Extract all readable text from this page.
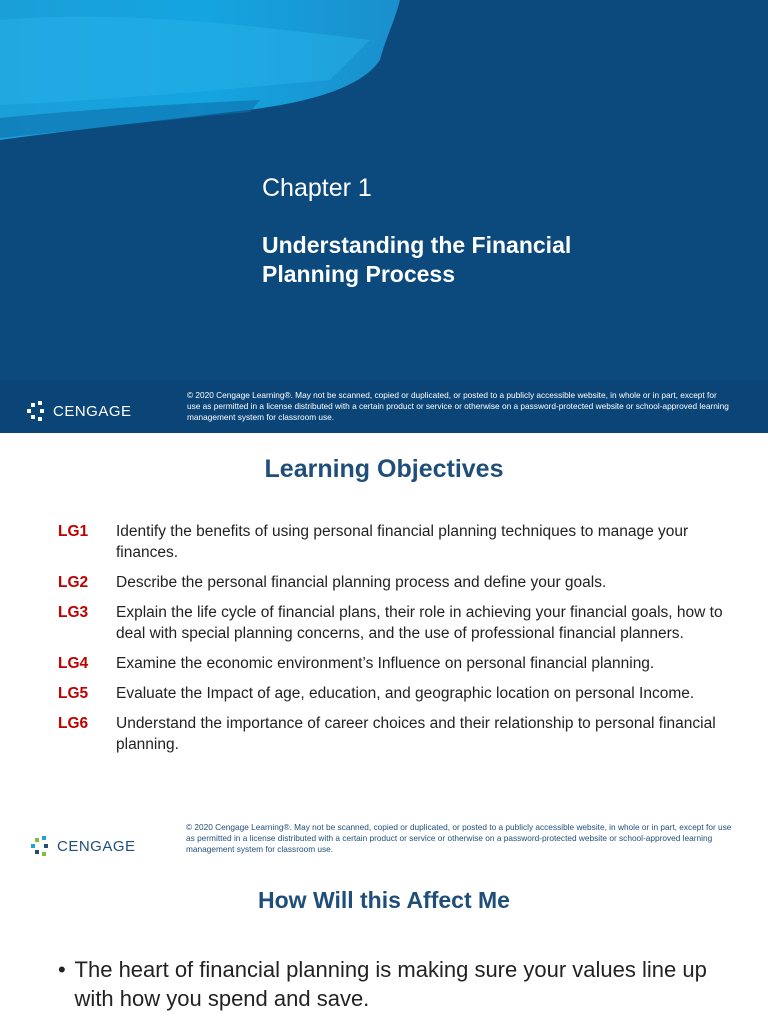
Chapter 1
Understanding the Financial
Planning Process
CENGAGE
© 2020 Cengage Learning®. May not be scanned, copied or duplicated, or posted to a publicly accessible website, in whole or in part, except for use as permitted in a license distributed with a certain product or service or otherwise on a password-protected website or school-approved learning management system for classroom use.
Learning Objectives
LG1	Identify the benefits of using personal financial planning techniques to manage your finances.
LG2	Describe the personal financial planning process and define your goals.
LG3	Explain the life cycle of financial plans, their role in achieving your financial goals, how to deal with special planning concerns, and the use of professional financial planners.
LG4	Examine the economic environment’s Influence on personal financial planning.
LG5	Evaluate the Impact of age, education, and geographic location on personal Income.
LG6	Understand the importance of career choices and their relationship to personal financial planning.
CENGAGE
© 2020 Cengage Learning®. May not be scanned, copied or duplicated, or posted to a publicly accessible website, in whole or in part, except for use as permitted in a license distributed with a certain product or service or otherwise on a password-protected website or school-approved learning management system for classroom use.
How Will this Affect Me
• The heart of financial planning is making sure your values line up with how you spend and save.
